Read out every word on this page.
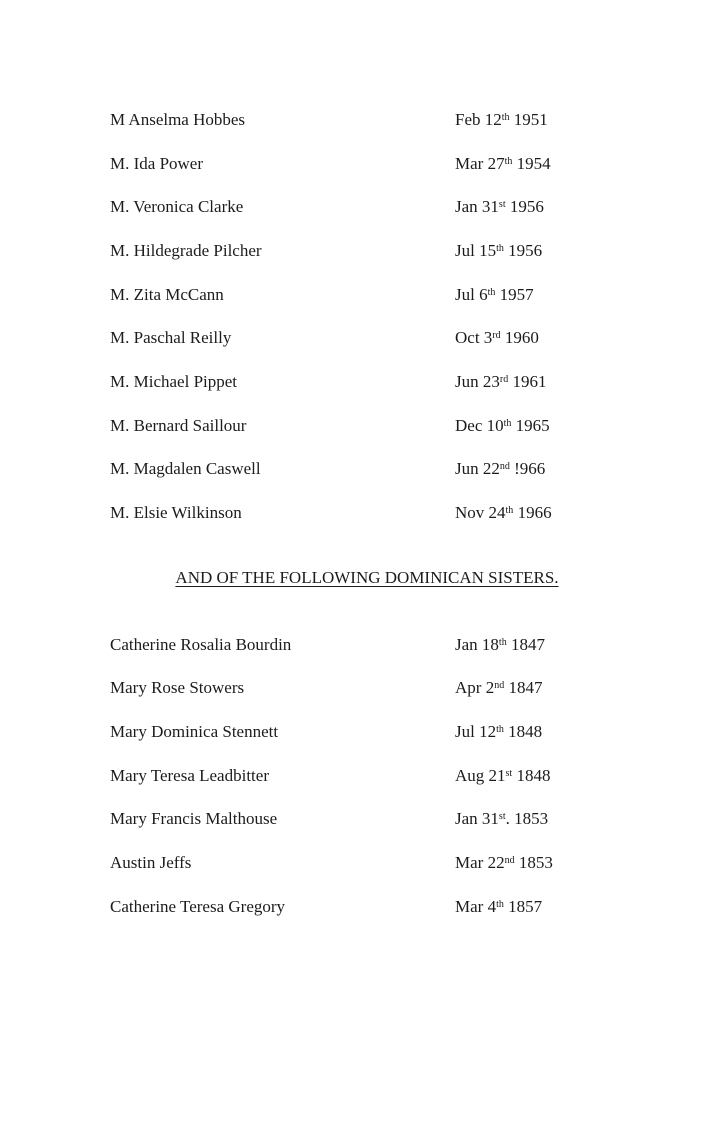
M Anselma Hobbes	Feb 12th 1951
M. Ida Power	Mar 27th 1954
M. Veronica Clarke	Jan 31st 1956
M. Hildegrade Pilcher	Jul 15th 1956
M. Zita McCann	Jul 6th 1957
M. Paschal Reilly	Oct 3rd 1960
M. Michael Pippet	Jun 23rd 1961
M. Bernard Saillour	Dec 10th 1965
M. Magdalen Caswell	Jun 22nd !966
M. Elsie Wilkinson	Nov 24th 1966
AND OF THE FOLLOWING DOMINICAN SISTERS.
Catherine Rosalia Bourdin	Jan 18th 1847
Mary Rose Stowers	Apr 2nd 1847
Mary Dominica Stennett	Jul 12th 1848
Mary Teresa Leadbitter	Aug 21st 1848
Mary Francis Malthouse	Jan 31st. 1853
Austin Jeffs	Mar 22nd 1853
Catherine Teresa Gregory	Mar 4th 1857
